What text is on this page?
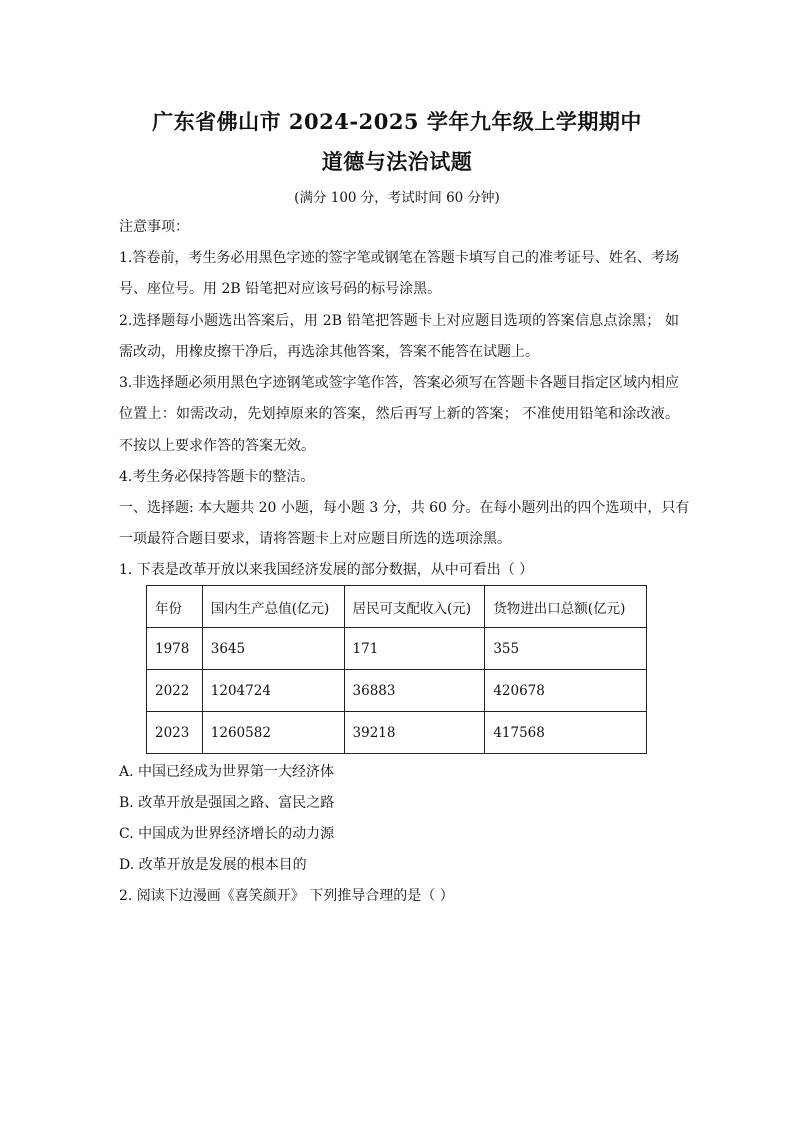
广东省佛山市 2024-2025 学年九年级上学期期中
道德与法治试题
(满分 100 分，考试时间 60 分钟)
注意事项：
1.答卷前，考生务必用黑色字迹的签字笔或钢笔在答题卡填写自己的准考证号、姓名、考场
号、座位号。用 2B 铅笔把对应该号码的标号涂黑。
2.选择题每小题选出答案后，用 2B 铅笔把答题卡上对应题目选项的答案信息点涂黑； 如
需改动，用橡皮擦干净后，再选涂其他答案，答案不能答在试题上。
3.非选择题必须用黑色字迹钢笔或签字笔作答，答案必须写在答题卡各题目指定区域内相应
位置上：如需改动，先划掉原来的答案，然后再写上新的答案； 不准使用铅笔和涂改液。
不按以上要求作答的答案无效。
4.考生务必保持答题卡的整洁。
一、选择题: 本大题共 20 小题，每小题 3 分，共 60 分。在每小题列出的四个选项中，只有
一项最符合题目要求，请将答题卡上对应题目所选的选项涂黑。
1. 下表是改革开放以来我国经济发展的部分数据，从中可看出（ ）
年份	国内生产总值(亿元)	居民可支配收入(元)	货物进出口总额(亿元)
1978	3645	171	355
2022	1204724	36883	420678
2023	1260582	39218	417568
A. 中国已经成为世界第一大经济体
B. 改革开放是强国之路、富民之路
C. 中国成为世界经济增长的动力源
D. 改革开放是发展的根本目的
2. 阅读下边漫画《喜笑颜开》 下列推导合理的是（ ）
